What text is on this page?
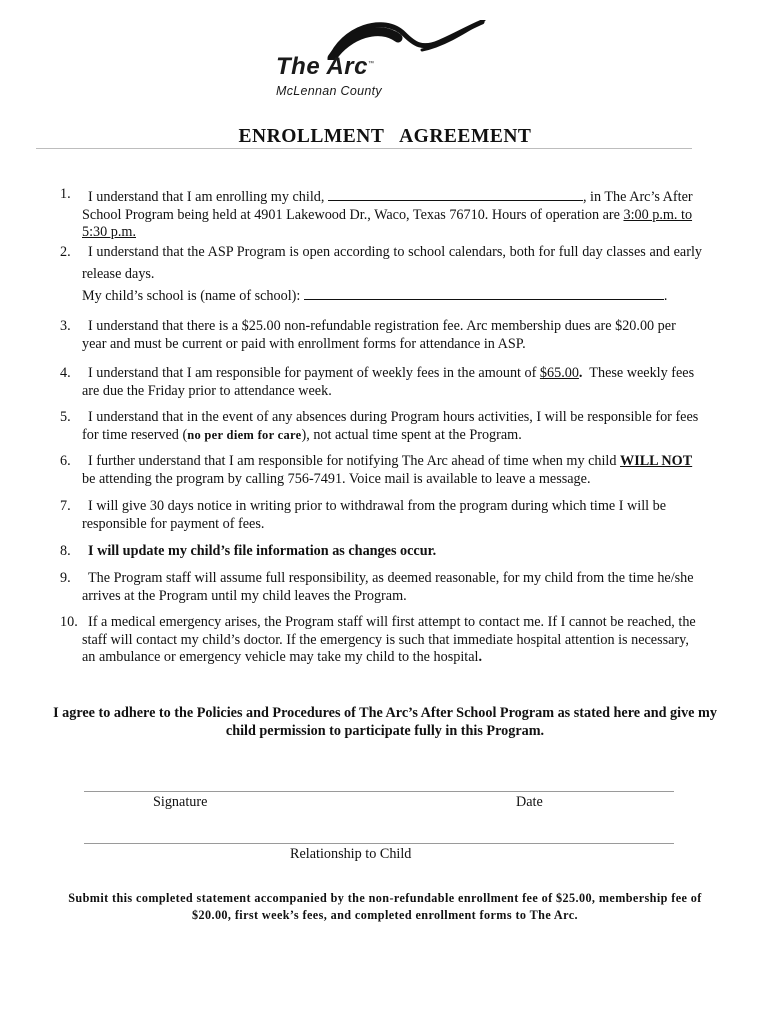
The Arc™
McLennan County
ENROLLMENT   AGREEMENT
1.	I understand that I am enrolling my child,	, in The Arc’s After School Program being held at 4901 Lakewood Dr., Waco, Texas 76710. Hours of operation are 3:00 p.m. to 5:30 p.m.
2.	I understand that the ASP Program is open according to school calendars, both for full day classes and early release days.
My child’s school is (name of school):	.
3.	I understand that there is a $25.00 non-refundable registration fee. Arc membership dues are $20.00 per year and must be current or paid with enrollment forms for attendance in ASP.
4.	I understand that I am responsible for payment of weekly fees in the amount of $65.00.  These weekly fees are due the Friday prior to attendance week.
5.	I understand that in the event of any absences during Program hours activities, I will be responsible for fees for time reserved (no per diem for care), not actual time spent at the Program.
6.	I further understand that I am responsible for notifying The Arc ahead of time when my child WILL NOT be attending the program by calling 756-7491. Voice mail is available to leave a message.
7.	I will give 30 days notice in writing prior to withdrawal from the program during which time I will be responsible for payment of fees.
8.	I will update my child’s file information as changes occur.
9.	The Program staff will assume full responsibility, as deemed reasonable, for my child from the time he/she arrives at the Program until my child leaves the Program.
10. If a medical emergency arises, the Program staff will first attempt to contact me. If I cannot be reached, the staff will contact my child’s doctor. If the emergency is such that immediate hospital attention is necessary, an ambulance or emergency vehicle may take my child to the hospital.
I agree to adhere to the Policies and Procedures of The Arc’s After School Program as stated here and give my child permission to participate fully in this Program.
Signature	Date
Relationship to Child
Submit this completed statement accompanied by the non-refundable enrollment fee of $25.00, membership fee of $20.00, first week’s fees, and completed enrollment forms to The Arc.
